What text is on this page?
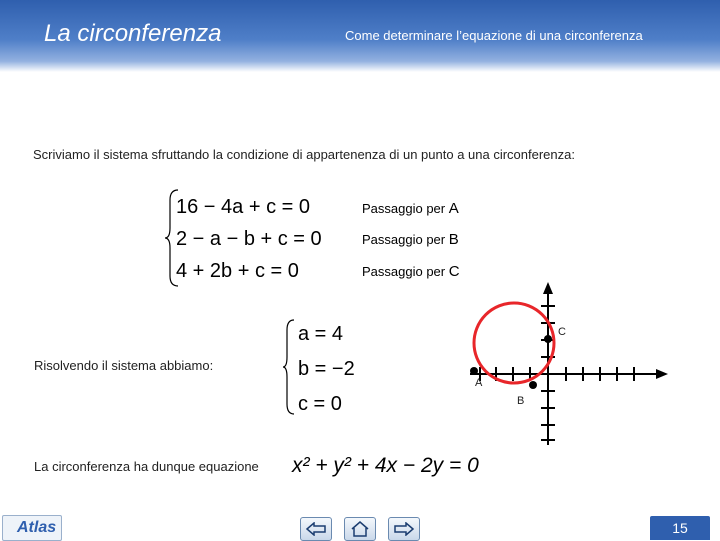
La circonferenza	Come determinare l’equazione di una circonferenza
Scriviamo il sistema sfruttando la condizione di appartenenza di un punto a una circonferenza:
16 − 4a + c = 0
2 − a − b + c = 0
4 + 2b + c = 0
Passaggio per A
Passaggio per B
Passaggio per C
Risolvendo il sistema abbiamo:
a = 4
b = −2
c = 0
La circonferenza ha dunque equazione x² + y² + 4x − 2y = 0
A
B
C
Atlas	15
